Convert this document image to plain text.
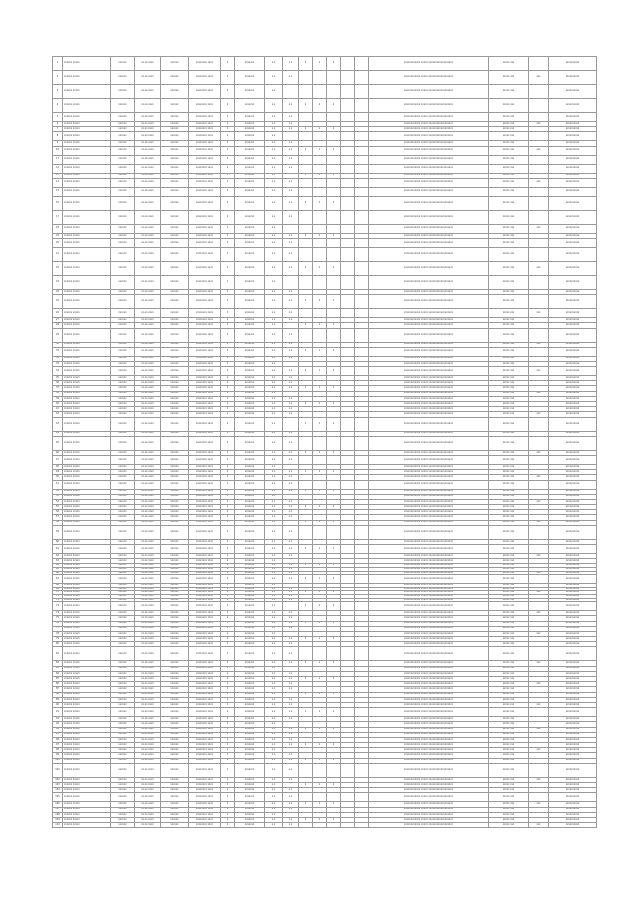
1	xxxxxx xxxxx	xxxxxx	xx-xx-xxxx	xxxxxx	xxxxxxxx xxxx	1	xxxxxxx	x.x	x.x	1	1	1			xxxxxxxxxxxx xxxxx xxxxxxxxxxxxxxxxxx	xxxxx xxx		xxxxxxxxxx
2	xxxxxx xxxxx	xxxxxx	xx-xx-xxxx	xxxxxx	xxxxxxxx xxxx	1	xxxxxxx	x.x	x.x						xxxxxxxxxxxx xxxxx xxxxxxxxxxxxxxxxxx	xxxxx xxx	xxx	xxxxxxxxxx
3	xxxxxx xxxxx	xxxxxx	xx-xx-xxxx	xxxxxx	xxxxxxxx xxxx	1	xxxxxxx	x.x							xxxxxxxxxxxx xxxxx xxxxxxxxxxxxxxxxxx	xxxxx xxx		xxxxxxxxxx
4	xxxxxx xxxxx	xxxxxx	xx-xx-xxxx	xxxxxx	xxxxxxxx xxxx	1	xxxxxxx	x.x	x.x	1	1	1			xxxxxxxxxxxx xxxxx xxxxxxxxxxxxxxxxxx	xxxxx xxx		xxxxxxxxxx
5	xxxxxx xxxxx	xxxxxx	xx-xx-xxxx	xxxxxx	xxxxxxxx xxxx	1	xxxxxxx	x.x	x.x						xxxxxxxxxxxx xxxxx xxxxxxxxxxxxxxxxxx	xxxxx xxx		xxxxxxxxxx
6	xxxxxx xxxxx	xxxxxx	xx-xx-xxxx	xxxxxx	xxxxxxxx xxxx	1	xxxxxxx	x.x	x.x						xxxxxxxxxxxx xxxxx xxxxxxxxxxxxxxxxxx	xxxxx xxx	xxx	xxxxxxxxxx
7	xxxxxx xxxxx	xxxxxx	xx-xx-xxxx	xxxxxx	xxxxxxxx xxxx	1	xxxxxxx	x.x	x.x	1	1	1			xxxxxxxxxxxx xxxxx xxxxxxxxxxxxxxxxxx	xxxxx xxx		xxxxxxxxxx
8	xxxxxx xxxxx	xxxxxx	xx-xx-xxxx	xxxxxx	xxxxxxxx xxxx	1	xxxxxxx	x.x							xxxxxxxxxxxx xxxxx xxxxxxxxxxxxxxxxxx	xxxxx xxx		xxxxxxxxxx
9	xxxxxx xxxxx	xxxxxx	xx-xx-xxxx	xxxxxx	xxxxxxxx xxxx	1	xxxxxxx	x.x	x.x						xxxxxxxxxxxx xxxxx xxxxxxxxxxxxxxxxxx	xxxxx xxx		xxxxxxxxxx
10	xxxxxx xxxxx	xxxxxx	xx-xx-xxxx	xxxxxx	xxxxxxxx xxxx	1	xxxxxxx	x.x	x.x	1	1	1			xxxxxxxxxxxx xxxxx xxxxxxxxxxxxxxxxxx	xxxxx xxx	xxx	xxxxxxxxxx
11	xxxxxx xxxxx	xxxxxx	xx-xx-xxxx	xxxxxx	xxxxxxxx xxxx	1	xxxxxxx	x.x	x.x						xxxxxxxxxxxx xxxxx xxxxxxxxxxxxxxxxxx	xxxxx xxx		xxxxxxxxxx
12	xxxxxx xxxxx	xxxxxx	xx-xx-xxxx	xxxxxx	xxxxxxxx xxxx	1	xxxxxxx	x.x	x.x						xxxxxxxxxxxx xxxxx xxxxxxxxxxxxxxxxxx	xxxxx xxx		xxxxxxxxxx
13	xxxxxx xxxxx	xxxxxx	xx-xx-xxxx	xxxxxx	xxxxxxxx xxxx	1	xxxxxxx	x.x		1	1	1			xxxxxxxxxxxx xxxxx xxxxxxxxxxxxxxxxxx	xxxxx xxx		xxxxxxxxxx
14	xxxxxx xxxxx	xxxxxx	xx-xx-xxxx	xxxxxx	xxxxxxxx xxxx	1	xxxxxxx	x.x	x.x						xxxxxxxxxxxx xxxxx xxxxxxxxxxxxxxxxxx	xxxxx xxx	xxx	xxxxxxxxxx
15	xxxxxx xxxxx	xxxxxx	xx-xx-xxxx	xxxxxx	xxxxxxxx xxxx	1	xxxxxxx	x.x	x.x						xxxxxxxxxxxx xxxxx xxxxxxxxxxxxxxxxxx	xxxxx xxx		xxxxxxxxxx
16	xxxxxx xxxxx	xxxxxx	xx-xx-xxxx	xxxxxx	xxxxxxxx xxxx	1	xxxxxxx	x.x	x.x	1	1	1			xxxxxxxxxxxx xxxxx xxxxxxxxxxxxxxxxxx	xxxxx xxx		xxxxxxxxxx
17	xxxxxx xxxxx	xxxxxx	xx-xx-xxxx	xxxxxx	xxxxxxxx xxxx	1	xxxxxxx	x.x	x.x						xxxxxxxxxxxx xxxxx xxxxxxxxxxxxxxxxxx	xxxxx xxx		xxxxxxxxxx
18	xxxxxx xxxxx	xxxxxx	xx-xx-xxxx	xxxxxx	xxxxxxxx xxxx	1	xxxxxxx	x.x							xxxxxxxxxxxx xxxxx xxxxxxxxxxxxxxxxxx	xxxxx xxx	xxx	xxxxxxxxxx
19	xxxxxx xxxxx	xxxxxx	xx-xx-xxxx	xxxxxx	xxxxxxxx xxxx	1	xxxxxxx	x.x	x.x	1	1	1			xxxxxxxxxxxx xxxxx xxxxxxxxxxxxxxxxxx	xxxxx xxx		xxxxxxxxxx
20	xxxxxx xxxxx	xxxxxx	xx-xx-xxxx	xxxxxx	xxxxxxxx xxxx	1	xxxxxxx	x.x	x.x						xxxxxxxxxxxx xxxxx xxxxxxxxxxxxxxxxxx	xxxxx xxx		xxxxxxxxxx
21	xxxxxx xxxxx	xxxxxx	xx-xx-xxxx	xxxxxx	xxxxxxxx xxxx	1	xxxxxxx	x.x	x.x						xxxxxxxxxxxx xxxxx xxxxxxxxxxxxxxxxxx	xxxxx xxx		xxxxxxxxxx
22	xxxxxx xxxxx	xxxxxx	xx-xx-xxxx	xxxxxx	xxxxxxxx xxxx	1	xxxxxxx	x.x	x.x	1	1	1			xxxxxxxxxxxx xxxxx xxxxxxxxxxxxxxxxxx	xxxxx xxx	xxx	xxxxxxxxxx
23	xxxxxx xxxxx	xxxxxx	xx-xx-xxxx	xxxxxx	xxxxxxxx xxxx	1	xxxxxxx	x.x							xxxxxxxxxxxx xxxxx xxxxxxxxxxxxxxxxxx	xxxxx xxx		xxxxxxxxxx
24	xxxxxx xxxxx	xxxxxx	xx-xx-xxxx	xxxxxx	xxxxxxxx xxxx	1	xxxxxxx	x.x	x.x						xxxxxxxxxxxx xxxxx xxxxxxxxxxxxxxxxxx	xxxxx xxx		xxxxxxxxxx
25	xxxxxx xxxxx	xxxxxx	xx-xx-xxxx	xxxxxx	xxxxxxxx xxxx	1	xxxxxxx	x.x	x.x	1	1	1			xxxxxxxxxxxx xxxxx xxxxxxxxxxxxxxxxxx	xxxxx xxx		xxxxxxxxxx
26	xxxxxx xxxxx	xxxxxx	xx-xx-xxxx	xxxxxx	xxxxxxxx xxxx	1	xxxxxxx	x.x	x.x						xxxxxxxxxxxx xxxxx xxxxxxxxxxxxxxxxxx	xxxxx xxx	xxx	xxxxxxxxxx
27	xxxxxx xxxxx	xxxxxx	xx-xx-xxxx	xxxxxx	xxxxxxxx xxxx	1	xxxxxxx	x.x	x.x						xxxxxxxxxxxx xxxxx xxxxxxxxxxxxxxxxxx	xxxxx xxx		xxxxxxxxxx
28	xxxxxx xxxxx	xxxxxx	xx-xx-xxxx	xxxxxx	xxxxxxxx xxxx	1	xxxxxxx	x.x		1	1	1			xxxxxxxxxxxx xxxxx xxxxxxxxxxxxxxxxxx	xxxxx xxx		xxxxxxxxxx
29	xxxxxx xxxxx	xxxxxx	xx-xx-xxxx	xxxxxx	xxxxxxxx xxxx	1	xxxxxxx	x.x	x.x						xxxxxxxxxxxx xxxxx xxxxxxxxxxxxxxxxxx	xxxxx xxx		xxxxxxxxxx
30	xxxxxx xxxxx	xxxxxx	xx-xx-xxxx	xxxxxx	xxxxxxxx xxxx	1	xxxxxxx	x.x	x.x						xxxxxxxxxxxx xxxxx xxxxxxxxxxxxxxxxxx	xxxxx xxx	xxx	xxxxxxxxxx
31	xxxxxx xxxxx	xxxxxx	xx-xx-xxxx	xxxxxx	xxxxxxxx xxxx	1	xxxxxxx	x.x	x.x	1	1	1			xxxxxxxxxxxx xxxxx xxxxxxxxxxxxxxxxxx	xxxxx xxx		xxxxxxxxxx
32	xxxxxx xxxxx	xxxxxx	xx-xx-xxxx	xxxxxx	xxxxxxxx xxxx	1	xxxxxxx	x.x	x.x						xxxxxxxxxxxx xxxxx xxxxxxxxxxxxxxxxxx	xxxxx xxx		xxxxxxxxxx
33	xxxxxx xxxxx	xxxxxx	xx-xx-xxxx	xxxxxx	xxxxxxxx xxxx	1	xxxxxxx	x.x							xxxxxxxxxxxx xxxxx xxxxxxxxxxxxxxxxxx	xxxxx xxx		xxxxxxxxxx
34	xxxxxx xxxxx	xxxxxx	xx-xx-xxxx	xxxxxx	xxxxxxxx xxxx	1	xxxxxxx	x.x	x.x	1	1	1			xxxxxxxxxxxx xxxxx xxxxxxxxxxxxxxxxxx	xxxxx xxx	xxx	xxxxxxxxxx
35	xxxxxx xxxxx	xxxxxx	xx-xx-xxxx	xxxxxx	xxxxxxxx xxxx	1	xxxxxxx	x.x	x.x						xxxxxxxxxxxx xxxxx xxxxxxxxxxxxxxxxxx	xxxxx xxx		xxxxxxxxxx
36	xxxxxx xxxxx	xxxxxx	xx-xx-xxxx	xxxxxx	xxxxxxxx xxxx	1	xxxxxxx	x.x	x.x						xxxxxxxxxxxx xxxxx xxxxxxxxxxxxxxxxxx	xxxxx xxx		xxxxxxxxxx
37	xxxxxx xxxxx	xxxxxx	xx-xx-xxxx	xxxxxx	xxxxxxxx xxxx	1	xxxxxxx	x.x	x.x	1	1	1			xxxxxxxxxxxx xxxxx xxxxxxxxxxxxxxxxxx	xxxxx xxx		xxxxxxxxxx
38	xxxxxx xxxxx	xxxxxx	xx-xx-xxxx	xxxxxx	xxxxxxxx xxxx	1	xxxxxxx	x.x							xxxxxxxxxxxx xxxxx xxxxxxxxxxxxxxxxxx	xxxxx xxx	xxx	xxxxxxxxxx
39	xxxxxx xxxxx	xxxxxx	xx-xx-xxxx	xxxxxx	xxxxxxxx xxxx	1	xxxxxxx	x.x	x.x						xxxxxxxxxxxx xxxxx xxxxxxxxxxxxxxxxxx	xxxxx xxx		xxxxxxxxxx
40	xxxxxx xxxxx	xxxxxx	xx-xx-xxxx	xxxxxx	xxxxxxxx xxxx	1	xxxxxxx	x.x	x.x	1	1	1			xxxxxxxxxxxx xxxxx xxxxxxxxxxxxxxxxxx	xxxxx xxx		xxxxxxxxxx
41	xxxxxx xxxxx	xxxxxx	xx-xx-xxxx	xxxxxx	xxxxxxxx xxxx	1	xxxxxxx	x.x	x.x						xxxxxxxxxxxx xxxxx xxxxxxxxxxxxxxxxxx	xxxxx xxx		xxxxxxxxxx
42	xxxxxx xxxxx	xxxxxx	xx-xx-xxxx	xxxxxx	xxxxxxxx xxxx	1	xxxxxxx	x.x	x.x						xxxxxxxxxxxx xxxxx xxxxxxxxxxxxxxxxxx	xxxxx xxx	xxx	xxxxxxxxxx
43	xxxxxx xxxxx	xxxxxx	xx-xx-xxxx	xxxxxx	xxxxxxxx xxxx	1	xxxxxxx	x.x		1	1	1			xxxxxxxxxxxx xxxxx xxxxxxxxxxxxxxxxxx	xxxxx xxx		xxxxxxxxxx
44	xxxxxx xxxxx	xxxxxx	xx-xx-xxxx	xxxxxx	xxxxxxxx xxxx	1	xxxxxxx	x.x	x.x						xxxxxxxxxxxx xxxxx xxxxxxxxxxxxxxxxxx	xxxxx xxx		xxxxxxxxxx
45	xxxxxx xxxxx	xxxxxx	xx-xx-xxxx	xxxxxx	xxxxxxxx xxxx	1	xxxxxxx	x.x	x.x						xxxxxxxxxxxx xxxxx xxxxxxxxxxxxxxxxxx	xxxxx xxx		xxxxxxxxxx
46	xxxxxx xxxxx	xxxxxx	xx-xx-xxxx	xxxxxx	xxxxxxxx xxxx	1	xxxxxxx	x.x	x.x	1	1	1			xxxxxxxxxxxx xxxxx xxxxxxxxxxxxxxxxxx	xxxxx xxx	xxx	xxxxxxxxxx
47	xxxxxx xxxxx	xxxxxx	xx-xx-xxxx	xxxxxx	xxxxxxxx xxxx	1	xxxxxxx	x.x	x.x						xxxxxxxxxxxx xxxxx xxxxxxxxxxxxxxxxxx	xxxxx xxx		xxxxxxxxxx
48	xxxxxx xxxxx	xxxxxx	xx-xx-xxxx	xxxxxx	xxxxxxxx xxxx	1	xxxxxxx	x.x							xxxxxxxxxxxx xxxxx xxxxxxxxxxxxxxxxxx	xxxxx xxx		xxxxxxxxxx
49	xxxxxx xxxxx	xxxxxx	xx-xx-xxxx	xxxxxx	xxxxxxxx xxxx	1	xxxxxxx	x.x	x.x	1	1	1			xxxxxxxxxxxx xxxxx xxxxxxxxxxxxxxxxxx	xxxxx xxx		xxxxxxxxxx
50	xxxxxx xxxxx	xxxxxx	xx-xx-xxxx	xxxxxx	xxxxxxxx xxxx	1	xxxxxxx	x.x	x.x						xxxxxxxxxxxx xxxxx xxxxxxxxxxxxxxxxxx	xxxxx xxx	xxx	xxxxxxxxxx
51	xxxxxx xxxxx	xxxxxx	xx-xx-xxxx	xxxxxx	xxxxxxxx xxxx	1	xxxxxxx	x.x	x.x						xxxxxxxxxxxx xxxxx xxxxxxxxxxxxxxxxxx	xxxxx xxx		xxxxxxxxxx
52	xxxxxx xxxxx	xxxxxx	xx-xx-xxxx	xxxxxx	xxxxxxxx xxxx	1	xxxxxxx	x.x	x.x	1	1	1			xxxxxxxxxxxx xxxxx xxxxxxxxxxxxxxxxxx	xxxxx xxx		xxxxxxxxxx
53	xxxxxx xxxxx	xxxxxx	xx-xx-xxxx	xxxxxx	xxxxxxxx xxxx	1	xxxxxxx	x.x							xxxxxxxxxxxx xxxxx xxxxxxxxxxxxxxxxxx	xxxxx xxx		xxxxxxxxxx
54	xxxxxx xxxxx	xxxxxx	xx-xx-xxxx	xxxxxx	xxxxxxxx xxxx	1	xxxxxxx	x.x	x.x						xxxxxxxxxxxx xxxxx xxxxxxxxxxxxxxxxxx	xxxxx xxx	xxx	xxxxxxxxxx
55	xxxxxx xxxxx	xxxxxx	xx-xx-xxxx	xxxxxx	xxxxxxxx xxxx	1	xxxxxxx	x.x	x.x	1	1	1			xxxxxxxxxxxx xxxxx xxxxxxxxxxxxxxxxxx	xxxxx xxx		xxxxxxxxxx
56	xxxxxx xxxxx	xxxxxx	xx-xx-xxxx	xxxxxx	xxxxxxxx xxxx	1	xxxxxxx	x.x	x.x						xxxxxxxxxxxx xxxxx xxxxxxxxxxxxxxxxxx	xxxxx xxx		xxxxxxxxxx
57	xxxxxx xxxxx	xxxxxx	xx-xx-xxxx	xxxxxx	xxxxxxxx xxxx	1	xxxxxxx	x.x	x.x						xxxxxxxxxxxx xxxxx xxxxxxxxxxxxxxxxxx	xxxxx xxx		xxxxxxxxxx
58	xxxxxx xxxxx	xxxxxx	xx-xx-xxxx	xxxxxx	xxxxxxxx xxxx	1	xxxxxxx	x.x		1	1	1			xxxxxxxxxxxx xxxxx xxxxxxxxxxxxxxxxxx	xxxxx xxx	xxx	xxxxxxxxxx
59	xxxxxx xxxxx	xxxxxx	xx-xx-xxxx	xxxxxx	xxxxxxxx xxxx	1	xxxxxxx	x.x	x.x						xxxxxxxxxxxx xxxxx xxxxxxxxxxxxxxxxxx	xxxxx xxx		xxxxxxxxxx
60	xxxxxx xxxxx	xxxxxx	xx-xx-xxxx	xxxxxx	xxxxxxxx xxxx	1	xxxxxxx	x.x	x.x						xxxxxxxxxxxx xxxxx xxxxxxxxxxxxxxxxxx	xxxxx xxx		xxxxxxxxxx
61	xxxxxx xxxxx	xxxxxx	xx-xx-xxxx	xxxxxx	xxxxxxxx xxxx	1	xxxxxxx	x.x	x.x	1	1	1			xxxxxxxxxxxx xxxxx xxxxxxxxxxxxxxxxxx	xxxxx xxx		xxxxxxxxxx
62	xxxxxx xxxxx	xxxxxx	xx-xx-xxxx	xxxxxx	xxxxxxxx xxxx	1	xxxxxxx	x.x	x.x						xxxxxxxxxxxx xxxxx xxxxxxxxxxxxxxxxxx	xxxxx xxx	xxx	xxxxxxxxxx
63	xxxxxx xxxxx	xxxxxx	xx-xx-xxxx	xxxxxx	xxxxxxxx xxxx	1	xxxxxxx	x.x							xxxxxxxxxxxx xxxxx xxxxxxxxxxxxxxxxxx	xxxxx xxx		xxxxxxxxxx
64	xxxxxx xxxxx	xxxxxx	xx-xx-xxxx	xxxxxx	xxxxxxxx xxxx	1	xxxxxxx	x.x	x.x	1	1	1			xxxxxxxxxxxx xxxxx xxxxxxxxxxxxxxxxxx	xxxxx xxx		xxxxxxxxxx
65	xxxxxx xxxxx	xxxxxx	xx-xx-xxxx	xxxxxx	xxxxxxxx xxxx	1	xxxxxxx	x.x	x.x						xxxxxxxxxxxx xxxxx xxxxxxxxxxxxxxxxxx	xxxxx xxx		xxxxxxxxxx
66	xxxxxx xxxxx	xxxxxx	xx-xx-xxxx	xxxxxx	xxxxxxxx xxxx	1	xxxxxxx	x.x	x.x						xxxxxxxxxxxx xxxxx xxxxxxxxxxxxxxxxxx	xxxxx xxx	xxx	xxxxxxxxxx
67	xxxxxx xxxxx	xxxxxx	xx-xx-xxxx	xxxxxx	xxxxxxxx xxxx	1	xxxxxxx	x.x	x.x	1	1	1			xxxxxxxxxxxx xxxxx xxxxxxxxxxxxxxxxxx	xxxxx xxx		xxxxxxxxxx
68	xxxxxx xxxxx	xxxxxx	xx-xx-xxxx	xxxxxx	xxxxxxxx xxxx	1	xxxxxxx	x.x							xxxxxxxxxxxx xxxxx xxxxxxxxxxxxxxxxxx	xxxxx xxx		xxxxxxxxxx
69	xxxxxx xxxxx	xxxxxx	xx-xx-xxxx	xxxxxx	xxxxxxxx xxxx	1	xxxxxxx	x.x	x.x						xxxxxxxxxxxx xxxxx xxxxxxxxxxxxxxxxxx	xxxxx xxx		xxxxxxxxxx
70	xxxxxx xxxxx	xxxxxx	xx-xx-xxxx	xxxxxx	xxxxxxxx xxxx	1	xxxxxxx	x.x	x.x	1	1	1			xxxxxxxxxxxx xxxxx xxxxxxxxxxxxxxxxxx	xxxxx xxx	xxx	xxxxxxxxxx
71	xxxxxx xxxxx	xxxxxx	xx-xx-xxxx	xxxxxx	xxxxxxxx xxxx	1	xxxxxxx	x.x	x.x						xxxxxxxxxxxx xxxxx xxxxxxxxxxxxxxxxxx	xxxxx xxx		xxxxxxxxxx
72	xxxxxx xxxxx	xxxxxx	xx-xx-xxxx	xxxxxx	xxxxxxxx xxxx	1	xxxxxxx	x.x	x.x						xxxxxxxxxxxx xxxxx xxxxxxxxxxxxxxxxxx	xxxxx xxx		xxxxxxxxxx
73	xxxxxx xxxxx	xxxxxx	xx-xx-xxxx	xxxxxx	xxxxxxxx xxxx	1	xxxxxxx	x.x		1	1	1			xxxxxxxxxxxx xxxxx xxxxxxxxxxxxxxxxxx	xxxxx xxx		xxxxxxxxxx
74	xxxxxx xxxxx	xxxxxx	xx-xx-xxxx	xxxxxx	xxxxxxxx xxxx	1	xxxxxxx	x.x	x.x						xxxxxxxxxxxx xxxxx xxxxxxxxxxxxxxxxxx	xxxxx xxx	xxx	xxxxxxxxxx
75	xxxxxx xxxxx	xxxxxx	xx-xx-xxxx	xxxxxx	xxxxxxxx xxxx	1	xxxxxxx	x.x	x.x						xxxxxxxxxxxx xxxxx xxxxxxxxxxxxxxxxxx	xxxxx xxx		xxxxxxxxxx
76	xxxxxx xxxxx	xxxxxx	xx-xx-xxxx	xxxxxx	xxxxxxxx xxxx	1	xxxxxxx	x.x	x.x	1	1	1			xxxxxxxxxxxx xxxxx xxxxxxxxxxxxxxxxxx	xxxxx xxx		xxxxxxxxxx
77	xxxxxx xxxxx	xxxxxx	xx-xx-xxxx	xxxxxx	xxxxxxxx xxxx	1	xxxxxxx	x.x	x.x						xxxxxxxxxxxx xxxxx xxxxxxxxxxxxxxxxxx	xxxxx xxx		xxxxxxxxxx
78	xxxxxx xxxxx	xxxxxx	xx-xx-xxxx	xxxxxx	xxxxxxxx xxxx	1	xxxxxxx	x.x							xxxxxxxxxxxx xxxxx xxxxxxxxxxxxxxxxxx	xxxxx xxx	xxx	xxxxxxxxxx
79	xxxxxx xxxxx	xxxxxx	xx-xx-xxxx	xxxxxx	xxxxxxxx xxxx	1	xxxxxxx	x.x	x.x	1	1	1			xxxxxxxxxxxx xxxxx xxxxxxxxxxxxxxxxxx	xxxxx xxx		xxxxxxxxxx
80	xxxxxx xxxxx	xxxxxx	xx-xx-xxxx	xxxxxx	xxxxxxxx xxxx	1	xxxxxxx	x.x	x.x						xxxxxxxxxxxx xxxxx xxxxxxxxxxxxxxxxxx	xxxxx xxx		xxxxxxxxxx
81	xxxxxx xxxxx	xxxxxx	xx-xx-xxxx	xxxxxx	xxxxxxxx xxxx	1	xxxxxxx	x.x	x.x						xxxxxxxxxxxx xxxxx xxxxxxxxxxxxxxxxxx	xxxxx xxx		xxxxxxxxxx
82	xxxxxx xxxxx	xxxxxx	xx-xx-xxxx	xxxxxx	xxxxxxxx xxxx	1	xxxxxxx	x.x	x.x	1	1	1			xxxxxxxxxxxx xxxxx xxxxxxxxxxxxxxxxxx	xxxxx xxx	xxx	xxxxxxxxxx
83	xxxxxx xxxxx	xxxxxx	xx-xx-xxxx	xxxxxx	xxxxxxxx xxxx	1	xxxxxxx	x.x							xxxxxxxxxxxx xxxxx xxxxxxxxxxxxxxxxxx	xxxxx xxx		xxxxxxxxxx
84	xxxxxx xxxxx	xxxxxx	xx-xx-xxxx	xxxxxx	xxxxxxxx xxxx	1	xxxxxxx	x.x	x.x						xxxxxxxxxxxx xxxxx xxxxxxxxxxxxxxxxxx	xxxxx xxx		xxxxxxxxxx
85	xxxxxx xxxxx	xxxxxx	xx-xx-xxxx	xxxxxx	xxxxxxxx xxxx	1	xxxxxxx	x.x	x.x	1	1	1			xxxxxxxxxxxx xxxxx xxxxxxxxxxxxxxxxxx	xxxxx xxx		xxxxxxxxxx
86	xxxxxx xxxxx	xxxxxx	xx-xx-xxxx	xxxxxx	xxxxxxxx xxxx	1	xxxxxxx	x.x	x.x						xxxxxxxxxxxx xxxxx xxxxxxxxxxxxxxxxxx	xxxxx xxx	xxx	xxxxxxxxxx
87	xxxxxx xxxxx	xxxxxx	xx-xx-xxxx	xxxxxx	xxxxxxxx xxxx	1	xxxxxxx	x.x	x.x						xxxxxxxxxxxx xxxxx xxxxxxxxxxxxxxxxxx	xxxxx xxx		xxxxxxxxxx
88	xxxxxx xxxxx	xxxxxx	xx-xx-xxxx	xxxxxx	xxxxxxxx xxxx	1	xxxxxxx	x.x		1	1	1			xxxxxxxxxxxx xxxxx xxxxxxxxxxxxxxxxxx	xxxxx xxx		xxxxxxxxxx
89	xxxxxx xxxxx	xxxxxx	xx-xx-xxxx	xxxxxx	xxxxxxxx xxxx	1	xxxxxxx	x.x	x.x						xxxxxxxxxxxx xxxxx xxxxxxxxxxxxxxxxxx	xxxxx xxx		xxxxxxxxxx
90	xxxxxx xxxxx	xxxxxx	xx-xx-xxxx	xxxxxx	xxxxxxxx xxxx	1	xxxxxxx	x.x	x.x						xxxxxxxxxxxx xxxxx xxxxxxxxxxxxxxxxxx	xxxxx xxx	xxx	xxxxxxxxxx
91	xxxxxx xxxxx	xxxxxx	xx-xx-xxxx	xxxxxx	xxxxxxxx xxxx	1	xxxxxxx	x.x	x.x	1	1	1			xxxxxxxxxxxx xxxxx xxxxxxxxxxxxxxxxxx	xxxxx xxx		xxxxxxxxxx
92	xxxxxx xxxxx	xxxxxx	xx-xx-xxxx	xxxxxx	xxxxxxxx xxxx	1	xxxxxxx	x.x	x.x						xxxxxxxxxxxx xxxxx xxxxxxxxxxxxxxxxxx	xxxxx xxx		xxxxxxxxxx
93	xxxxxx xxxxx	xxxxxx	xx-xx-xxxx	xxxxxx	xxxxxxxx xxxx	1	xxxxxxx	x.x							xxxxxxxxxxxx xxxxx xxxxxxxxxxxxxxxxxx	xxxxx xxx		xxxxxxxxxx
94	xxxxxx xxxxx	xxxxxx	xx-xx-xxxx	xxxxxx	xxxxxxxx xxxx	1	xxxxxxx	x.x	x.x	1	1	1			xxxxxxxxxxxx xxxxx xxxxxxxxxxxxxxxxxx	xxxxx xxx	xxx	xxxxxxxxxx
95	xxxxxx xxxxx	xxxxxx	xx-xx-xxxx	xxxxxx	xxxxxxxx xxxx	1	xxxxxxx	x.x	x.x						xxxxxxxxxxxx xxxxx xxxxxxxxxxxxxxxxxx	xxxxx xxx		xxxxxxxxxx
96	xxxxxx xxxxx	xxxxxx	xx-xx-xxxx	xxxxxx	xxxxxxxx xxxx	1	xxxxxxx	x.x	x.x						xxxxxxxxxxxx xxxxx xxxxxxxxxxxxxxxxxx	xxxxx xxx		xxxxxxxxxx
97	xxxxxx xxxxx	xxxxxx	xx-xx-xxxx	xxxxxx	xxxxxxxx xxxx	1	xxxxxxx	x.x	x.x	1	1	1			xxxxxxxxxxxx xxxxx xxxxxxxxxxxxxxxxxx	xxxxx xxx		xxxxxxxxxx
98	xxxxxx xxxxx	xxxxxx	xx-xx-xxxx	xxxxxx	xxxxxxxx xxxx	1	xxxxxxx	x.x							xxxxxxxxxxxx xxxxx xxxxxxxxxxxxxxxxxx	xxxxx xxx	xxx	xxxxxxxxxx
99	xxxxxx xxxxx	xxxxxx	xx-xx-xxxx	xxxxxx	xxxxxxxx xxxx	1	xxxxxxx	x.x	x.x						xxxxxxxxxxxx xxxxx xxxxxxxxxxxxxxxxxx	xxxxx xxx		xxxxxxxxxx
100	xxxxxx xxxxx	xxxxxx	xx-xx-xxxx	xxxxxx	xxxxxxxx xxxx	1	xxxxxxx	x.x	x.x	1	1	1			xxxxxxxxxxxx xxxxx xxxxxxxxxxxxxxxxxx	xxxxx xxx		xxxxxxxxxx
101	xxxxxx xxxxx	xxxxxx	xx-xx-xxxx	xxxxxx	xxxxxxxx xxxx	1	xxxxxxx	x.x	x.x						xxxxxxxxxxxx xxxxx xxxxxxxxxxxxxxxxxx	xxxxx xxx		xxxxxxxxxx
102	xxxxxx xxxxx	xxxxxx	xx-xx-xxxx	xxxxxx	xxxxxxxx xxxx	1	xxxxxxx	x.x	x.x						xxxxxxxxxxxx xxxxx xxxxxxxxxxxxxxxxxx	xxxxx xxx	xxx	xxxxxxxxxx
103	xxxxxx xxxxx	xxxxxx	xx-xx-xxxx	xxxxxx	xxxxxxxx xxxx	1	xxxxxxx	x.x		1	1	1			xxxxxxxxxxxx xxxxx xxxxxxxxxxxxxxxxxx	xxxxx xxx		xxxxxxxxxx
104	xxxxxx xxxxx	xxxxxx	xx-xx-xxxx	xxxxxx	xxxxxxxx xxxx	1	xxxxxxx	x.x	x.x						xxxxxxxxxxxx xxxxx xxxxxxxxxxxxxxxxxx	xxxxx xxx		xxxxxxxxxx
105	xxxxxx xxxxx	xxxxxx	xx-xx-xxxx	xxxxxx	xxxxxxxx xxxx	1	xxxxxxx	x.x	x.x						xxxxxxxxxxxx xxxxx xxxxxxxxxxxxxxxxxx	xxxxx xxx		xxxxxxxxxx
106	xxxxxx xxxxx	xxxxxx	xx-xx-xxxx	xxxxxx	xxxxxxxx xxxx	1	xxxxxxx	x.x	x.x	1	1	1			xxxxxxxxxxxx xxxxx xxxxxxxxxxxxxxxxxx	xxxxx xxx	xxx	xxxxxxxxxx
107	xxxxxx xxxxx	xxxxxx	xx-xx-xxxx	xxxxxx	xxxxxxxx xxxx	1	xxxxxxx	x.x	x.x						xxxxxxxxxxxx xxxxx xxxxxxxxxxxxxxxxxx	xxxxx xxx		xxxxxxxxxx
108	xxxxxx xxxxx	xxxxxx	xx-xx-xxxx	xxxxxx	xxxxxxxx xxxx	1	xxxxxxx	x.x							xxxxxxxxxxxx xxxxx xxxxxxxxxxxxxxxxxx	xxxxx xxx		xxxxxxxxxx
109	xxxxxx xxxxx	xxxxxx	xx-xx-xxxx	xxxxxx	xxxxxxxx xxxx	1	xxxxxxx	x.x	x.x	1	1	1			xxxxxxxxxxxx xxxxx xxxxxxxxxxxxxxxxxx	xxxxx xxx		xxxxxxxxxx
110	xxxxxx xxxxx	xxxxxx	xx-xx-xxxx	xxxxxx	xxxxxxxx xxxx	1	xxxxxxx	x.x	x.x						xxxxxxxxxxxx xxxxx xxxxxxxxxxxxxxxxxx	xxxxx xxx	xxx	xxxxxxxxxx
